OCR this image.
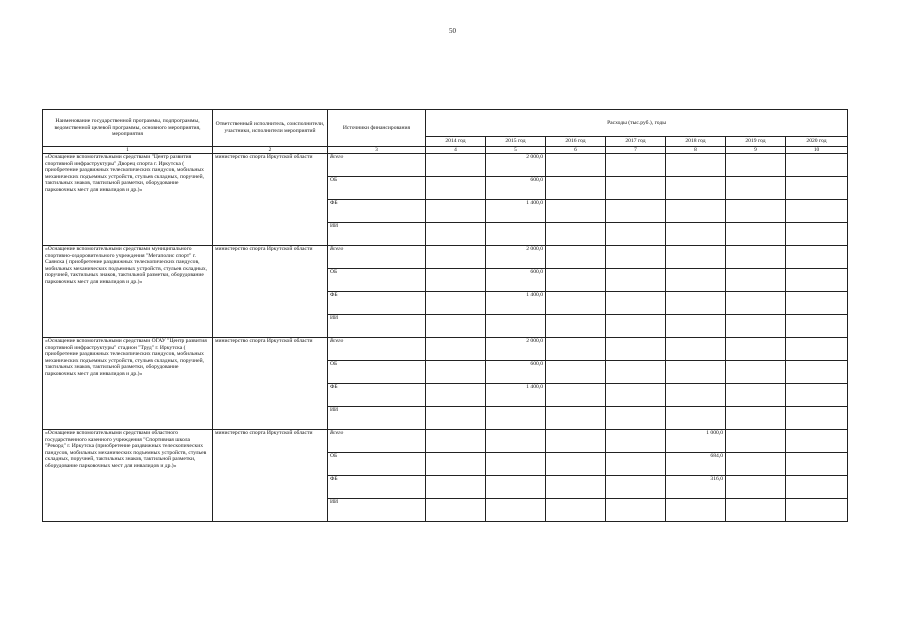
50
Наименование государственной программы, подпрограммы, ведомственной целевой программы, основного мероприятия, мероприятия	Ответственный исполнитель, соисполнители, участники, исполнители мероприятий	Источники финансирования	Расходы (тыс.руб.), годы						
			2014 год	2015 год	2016 год	2017 год	2018 год	2019 год	2020 год
1	2	3	4	5	6	7	8	9	10
«Оснащение вспомогательными средствами "Центр развития спортивной инфраструктуры" Дворец спорта г. Иркутска ( приобретение раздвижных телескопических пандусов, мобильных механических подъемных устройств, стульев складных, поручней, тактильных знаков, тактильной разметки, оборудование парковочных мест для инвалидов и др.)»	министерство спорта Иркутской области	Всего		2 000,0					
		ОБ		600,0					
		ФБ		1 400,0					
		ИИ							
«Оснащение вспомогательными средствами муниципального спортивно-оздоровительного учреждения "Мегаполис спорт" г. Саянска ( приобретение раздвижных телескопических пандусов, мобильных механических подъемных устройств, стульев складных, поручней, тактильных знаков, тактильной разметки, оборудование парковочных мест для инвалидов и др.)»	министерство спорта Иркутской области	Всего		2 000,0					
		ОБ		600,0					
		ФБ		1 400,0					
		ИИ							
«Оснащение вспомогательными средствами ОГАУ "Центр развития спортивной инфраструктуры" стадион "Труд" г. Иркутска ( приобретение раздвижных телескопических пандусов, мобильных механических подъемных устройств, стульев складных, поручней, тактильных знаков, тактильной разметки, оборудование парковочных мест для инвалидов и др.)»	министерство спорта Иркутской области	Всего		2 000,0					
		ОБ		600,0					
		ФБ		1 400,0					
		ИИ							
«Оснащение вспомогательными средствами областного государственного казенного учреждения "Спортивная школа "Рекорд" г. Иркутска (приобретение раздвижных телескопических пандусов, мобильных механических подъемных устройств, стульев складных, поручней, тактильных знаков, тактильной разметки, оборудование парковочных мест для инвалидов и др.)»	министерство спорта Иркутской области	Всего					1 000,0		
		ОБ					684,0		
		ФБ					316,0		
		ИИ							
